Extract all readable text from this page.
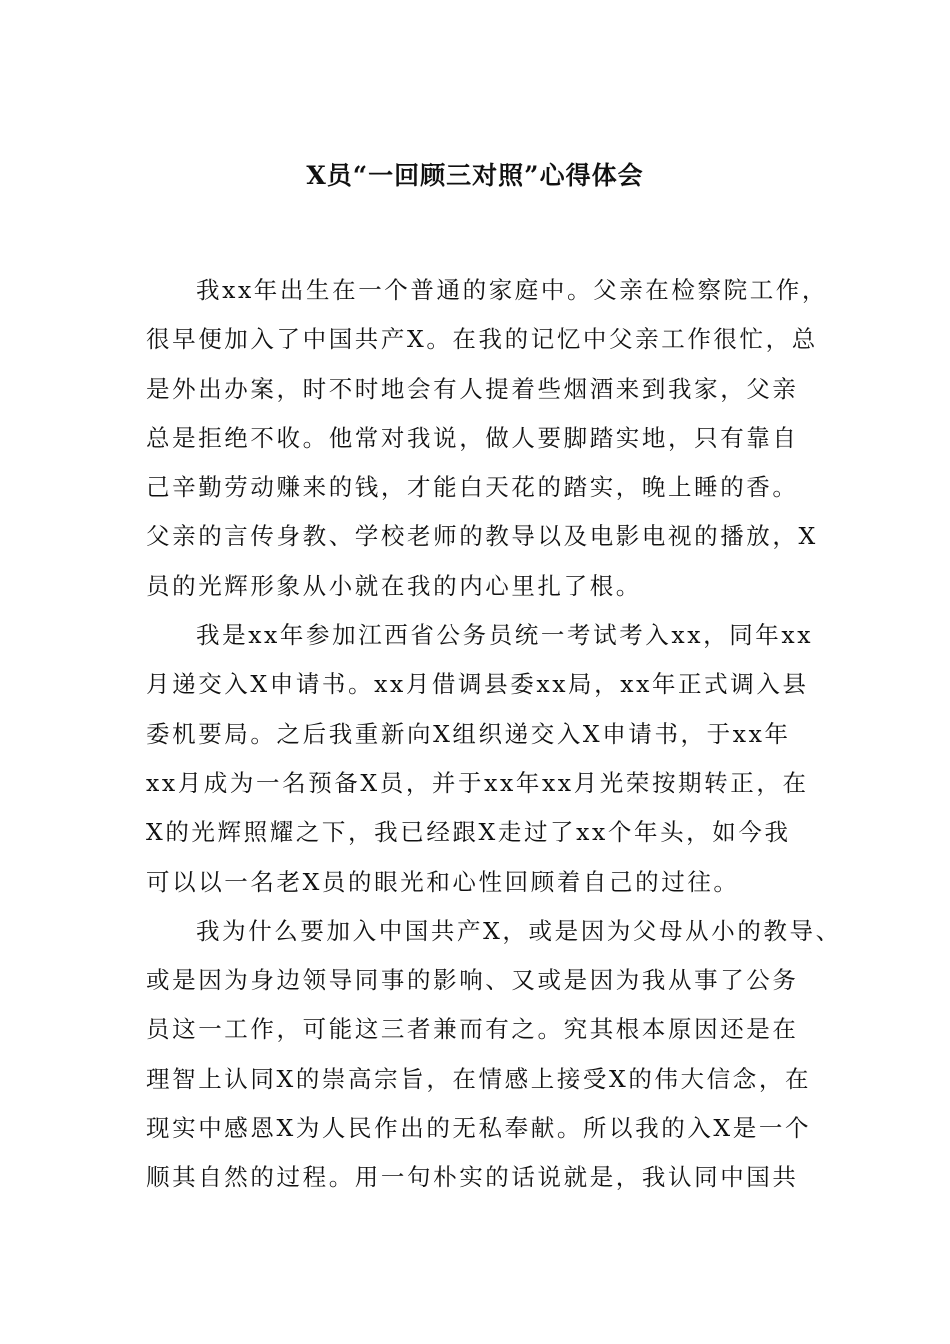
X员“一回顾三对照”心得体会
我xx年出生在一个普通的家庭中。父亲在检察院工作，
很早便加入了中国共产X。在我的记忆中父亲工作很忙，总
是外出办案，时不时地会有人提着些烟酒来到我家，父亲
总是拒绝不收。他常对我说，做人要脚踏实地，只有靠自
己辛勤劳动赚来的钱，才能白天花的踏实，晚上睡的香。
父亲的言传身教、学校老师的教导以及电影电视的播放，X
员的光辉形象从小就在我的内心里扎了根。
我是xx年参加江西省公务员统一考试考入xx，同年xx
月递交入X申请书。xx月借调县委xx局，xx年正式调入县
委机要局。之后我重新向X组织递交入X申请书，于xx年
xx月成为一名预备X员，并于xx年xx月光荣按期转正，在
X的光辉照耀之下，我已经跟X走过了xx个年头，如今我
可以以一名老X员的眼光和心性回顾着自己的过往。
我为什么要加入中国共产X，或是因为父母从小的教导、
或是因为身边领导同事的影响、又或是因为我从事了公务
员这一工作，可能这三者兼而有之。究其根本原因还是在
理智上认同X的崇高宗旨，在情感上接受X的伟大信念，在
现实中感恩X为人民作出的无私奉献。所以我的入X是一个
顺其自然的过程。用一句朴实的话说就是，我认同中国共
